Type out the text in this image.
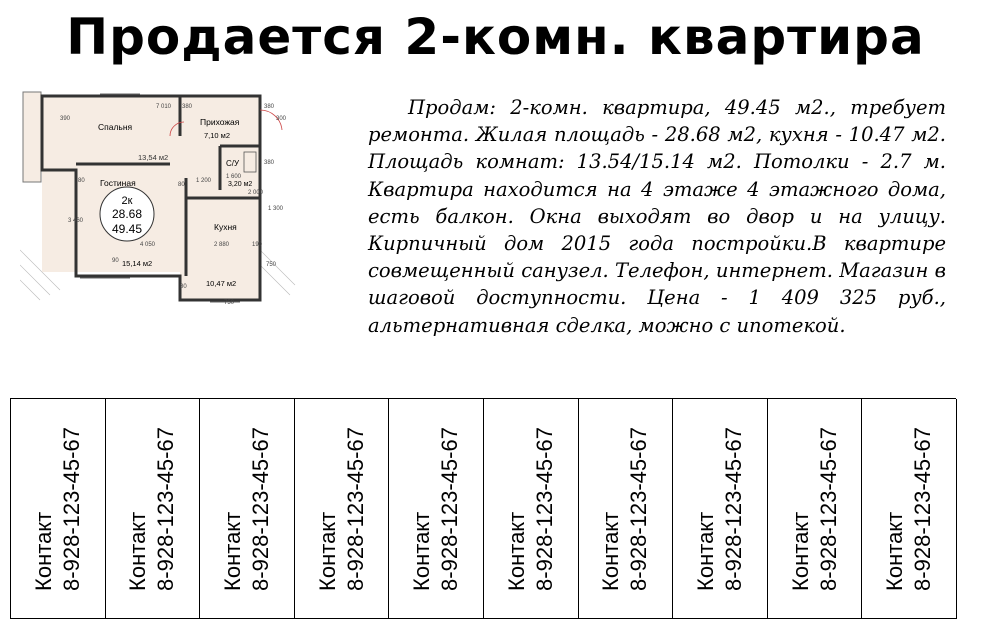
Продается 2-комн. квартира
Спальня
13,54 м2
Прихожая
7,10 м2
С/У
3,20 м2
Гостиная
15,14 м2
Кухня
10,47 м2
2к
28.68
49.45
7 010 380	380
380
300
390
80	1 200
1 600
2 000
80
3 460
2 880	190
4 050
1 300
750
750
90
80

Продам: 2-комн. квартира, 49.45 м2., требует ремонта. Жилая площадь - 28.68 м2, кухня - 10.47 м2. Площадь комнат: 13.54/15.14 м2. Потолки - 2.7 м. Квартира находится на 4 этаже 4 этажного дома, есть балкон. Окна выходят во двор и на улицу. Кирпичный дом 2015 года постройки.В квартире совмещенный санузел. Телефон, интернет. Магазин в шаговой доступности. Цена - 1 409 325 руб., альтернативная сделка, можно с ипотекой.

Контакт 8-928-123-45-67 Контакт 8-928-123-45-67 Контакт 8-928-123-45-67 Контакт 8-928-123-45-67 Контакт 8-928-123-45-67 Контакт 8-928-123-45-67 Контакт 8-928-123-45-67 Контакт 8-928-123-45-67 Контакт 8-928-123-45-67 Контакт 8-928-123-45-67
